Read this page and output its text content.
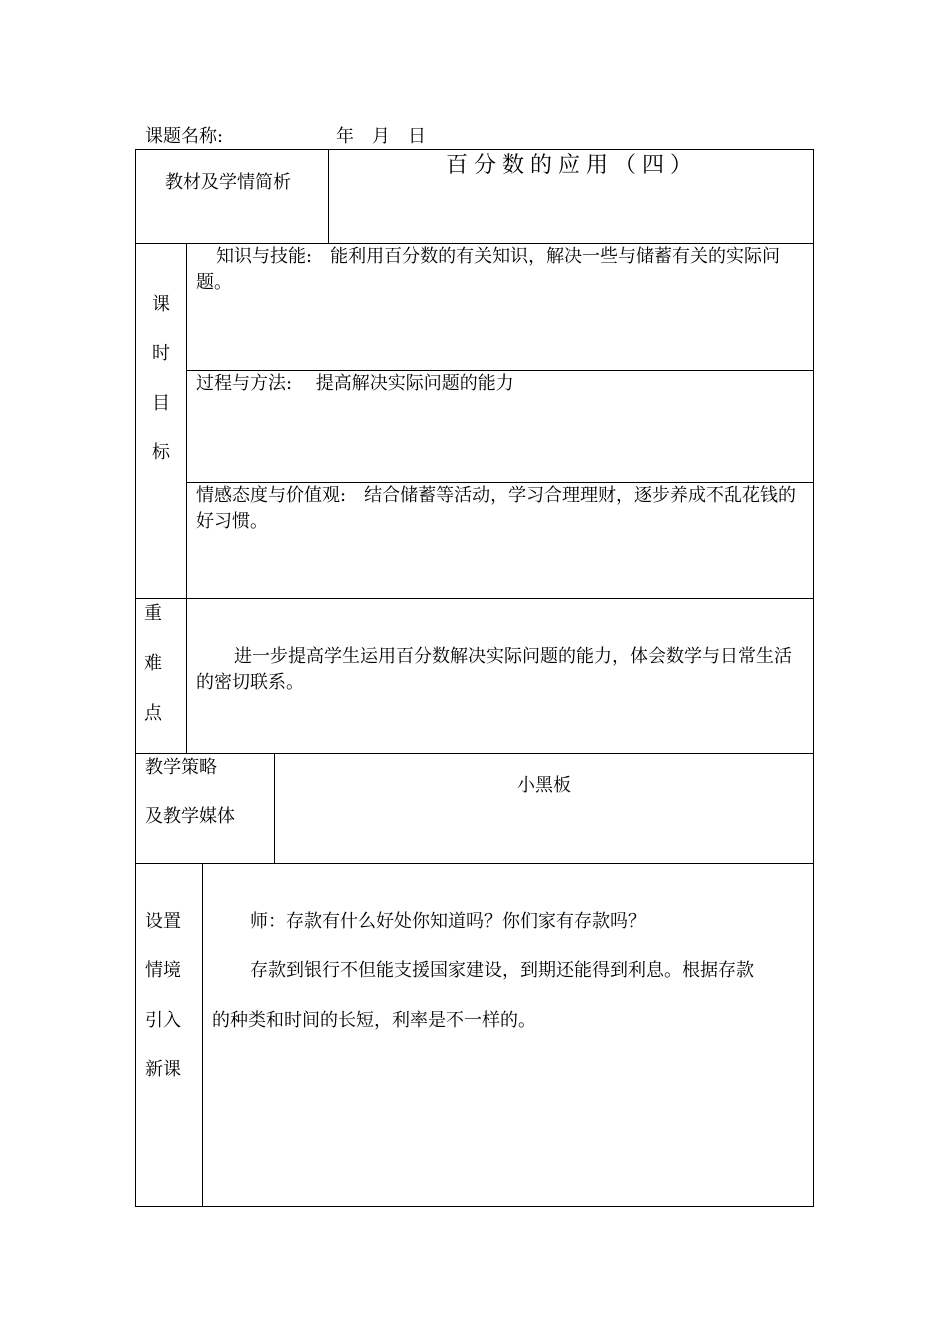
课题名称:	年　月　日
教材及学情简析
百分数的应用（四）
课
时
目
标
知识与技能:　能利用百分数的有关知识，解决一些与储蓄有关的实际问题。
过程与方法:　 提高解决实际问题的能力
情感态度与价值观:　结合储蓄等活动，学习合理理财，逐步养成不乱花钱的好习惯。
重
难
点
进一步提高学生运用百分数解决实际问题的能力，体会数学与日常生活的密切联系。
教学策略
及教学媒体
小黑板
设置
情境
引入
新课
师：存款有什么好处你知道吗？你们家有存款吗？
存款到银行不但能支援国家建设，到期还能得到利息。根据存款
的种类和时间的长短，利率是不一样的。
